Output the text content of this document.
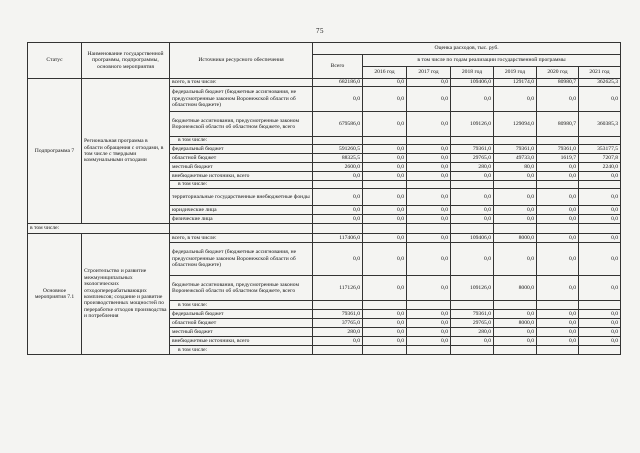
75
Статус	Наименование государственной программы, подпрограммы, основного мероприятия	Источники ресурсного обеспечения	Оценка расходов, тыс. руб.						
			Всего	в том числе по годам реализации государственной программы					
				2016 год	2017 год	2018 год	2019 год	2020 год	2021 год
Подпрограмма 7	Региональная программа в области обращения с отходами, в том числе с твердыми коммунальными отходами	всего, в том числе:	682186,0	0,0	0,0	109406,0	129174,0	80980,7	362625,3
		федеральный бюджет (бюджетные ассигнования, не предусмотренные законом Воронежской области об областном бюджете)	0,0	0,0	0,0	0,0	0,0	0,0	0,0
		бюджетные ассигнования, предусмотренные законом Воронежской области об областном бюджете, всего	679586,0	0,0	0,0	109126,0	129094,0	80980,7	360385,3
		в том числе:							
		федеральный бюджет	591260,5	0,0	0,0	79361,0	79361,0	79361,0	353177,5
		областной бюджет	88325,5	0,0	0,0	29765,0	49733,0	1619,7	7207,8
		местный бюджет	2600,0	0,0	0,0	280,0	80,0	0,0	2240,0
		внебюджетные источники, всего	0,0	0,0	0,0	0,0	0,0	0,0	0,0
		в том числе:							
		территориальные государственные внебюджетные фонды	0,0	0,0	0,0	0,0	0,0	0,0	0,0
		юридические лица	0,0	0,0	0,0	0,0	0,0	0,0	0,0
		физические лица	0,0	0,0	0,0	0,0	0,0	0,0	0,0
в том числе:									
Основное мероприятия 7.1	Строительство и развитие межмуниципальных экологических отходоперерабатывающих комплексов; создание и развитие производственных мощностей по переработке отходов производства и потребления	всего, в том числе:	117406,0	0,0	0,0	109406,0	8000,0	0,0	0,0
		федеральный бюджет (бюджетные ассигнования, не предусмотренные законом Воронежской области об областном бюджете)	0,0	0,0	0,0	0,0	0,0	0,0	0,0
		бюджетные ассигнования, предусмотренные законом Воронежской области об областном бюджете, всего	117126,0	0,0	0,0	109126,0	8000,0	0,0	0,0
		в том числе:							
		федеральный бюджет	79361,0	0,0	0,0	79361,0	0,0	0,0	0,0
		областной бюджет	37765,0	0,0	0,0	29765,0	8000,0	0,0	0,0
		местный бюджет	280,0	0,0	0,0	280,0	0,0	0,0	0,0
		внебюджетные источники, всего	0,0	0,0	0,0	0,0	0,0	0,0	0,0
		в том числе:							
